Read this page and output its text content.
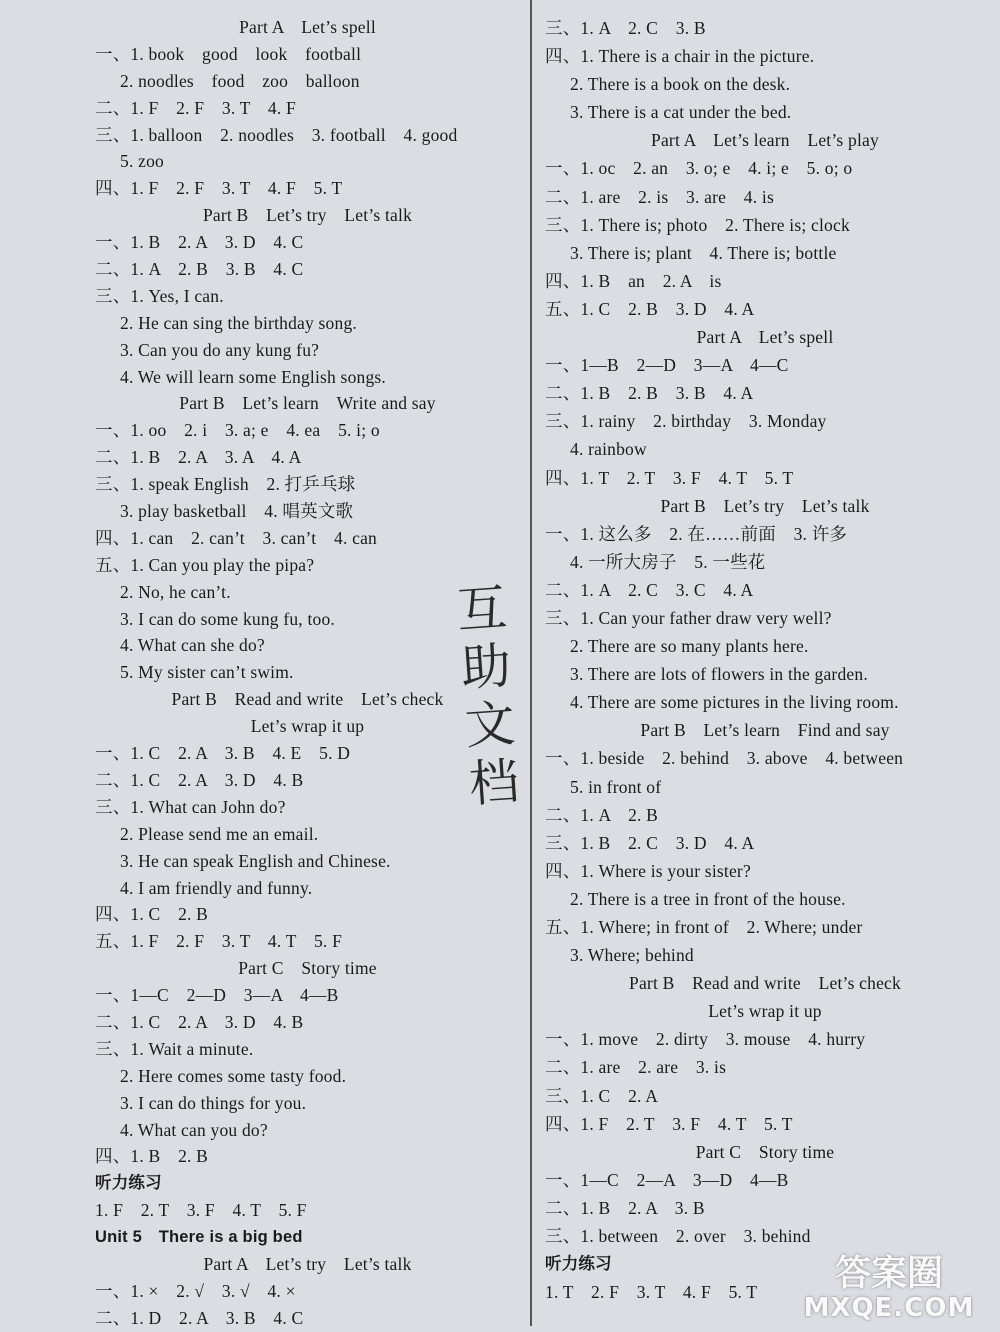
Part A　Let’s spell
一、1. book　good　look　football
2. noodles　food　zoo　balloon
二、1. F　2. F　3. T　4. F
三、1. balloon　2. noodles　3. football　4. good
5. zoo
四、1. F　2. F　3. T　4. F　5. T
Part B　Let’s try　Let’s talk
一、1. B　2. A　3. D　4. C
二、1. A　2. B　3. B　4. C
三、1. Yes, I can.
2. He can sing the birthday song.
3. Can you do any kung fu?
4. We will learn some English songs.
Part B　Let’s learn　Write and say
一、1. oo　2. i　3. a; e　4. ea　5. i; o
二、1. B　2. A　3. A　4. A
三、1. speak English　2. 打乒乓球
3. play basketball　4. 唱英文歌
四、1. can　2. can’t　3. can’t　4. can
五、1. Can you play the pipa?
2. No, he can’t.
3. I can do some kung fu, too.
4. What can she do?
5. My sister can’t swim.
Part B　Read and write　Let’s check
Let’s wrap it up
一、1. C　2. A　3. B　4. E　5. D
二、1. C　2. A　3. D　4. B
三、1. What can John do?
2. Please send me an email.
3. He can speak English and Chinese.
4. I am friendly and funny.
四、1. C　2. B
五、1. F　2. F　3. T　4. T　5. F
Part C　Story time
一、1—C　2—D　3—A　4—B
二、1. C　2. A　3. D　4. B
三、1. Wait a minute.
2. Here comes some tasty food.
3. I can do things for you.
4. What can you do?
四、1. B　2. B
听力练习
1. F　2. T　3. F　4. T　5. F
Unit 5　There is a big bed
Part A　Let’s try　Let’s talk
一、1. ×　2. √　3. √　4. ×
二、1. D　2. A　3. B　4. C
三、1. A　2. C　3. B
四、1. There is a chair in the picture.
2. There is a book on the desk.
3. There is a cat under the bed.
Part A　Let’s learn　Let’s play
一、1. oc　2. an　3. o; e　4. i; e　5. o; o
二、1. are　2. is　3. are　4. is
三、1. There is; photo　2. There is; clock
3. There is; plant　4. There is; bottle
四、1. B　an　2. A　is
五、1. C　2. B　3. D　4. A
Part A　Let’s spell
一、1—B　2—D　3—A　4—C
二、1. B　2. B　3. B　4. A
三、1. rainy　2. birthday　3. Monday
4. rainbow
四、1. T　2. T　3. F　4. T　5. T
Part B　Let’s try　Let’s talk
一、1. 这么多　2. 在……前面　3. 许多
4. 一所大房子　5. 一些花
二、1. A　2. C　3. C　4. A
三、1. Can your father draw very well?
2. There are so many plants here.
3. There are lots of flowers in the garden.
4. There are some pictures in the living room.
Part B　Let’s learn　Find and say
一、1. beside　2. behind　3. above　4. between
5. in front of
二、1. A　2. B
三、1. B　2. C　3. D　4. A
四、1. Where is your sister?
2. There is a tree in front of the house.
五、1. Where; in front of　2. Where; under
3. Where; behind
Part B　Read and write　Let’s check
Let’s wrap it up
一、1. move　2. dirty　3. mouse　4. hurry
二、1. are　2. are　3. is
三、1. C　2. A
四、1. F　2. T　3. F　4. T　5. T
Part C　Story time
一、1—C　2—A　3—D　4—B
二、1. B　2. A　3. B
三、1. between　2. over　3. behind
听力练习
1. T　2. F　3. T　4. F　5. T
互
助
文
档
答案圈
MXQE.COM
